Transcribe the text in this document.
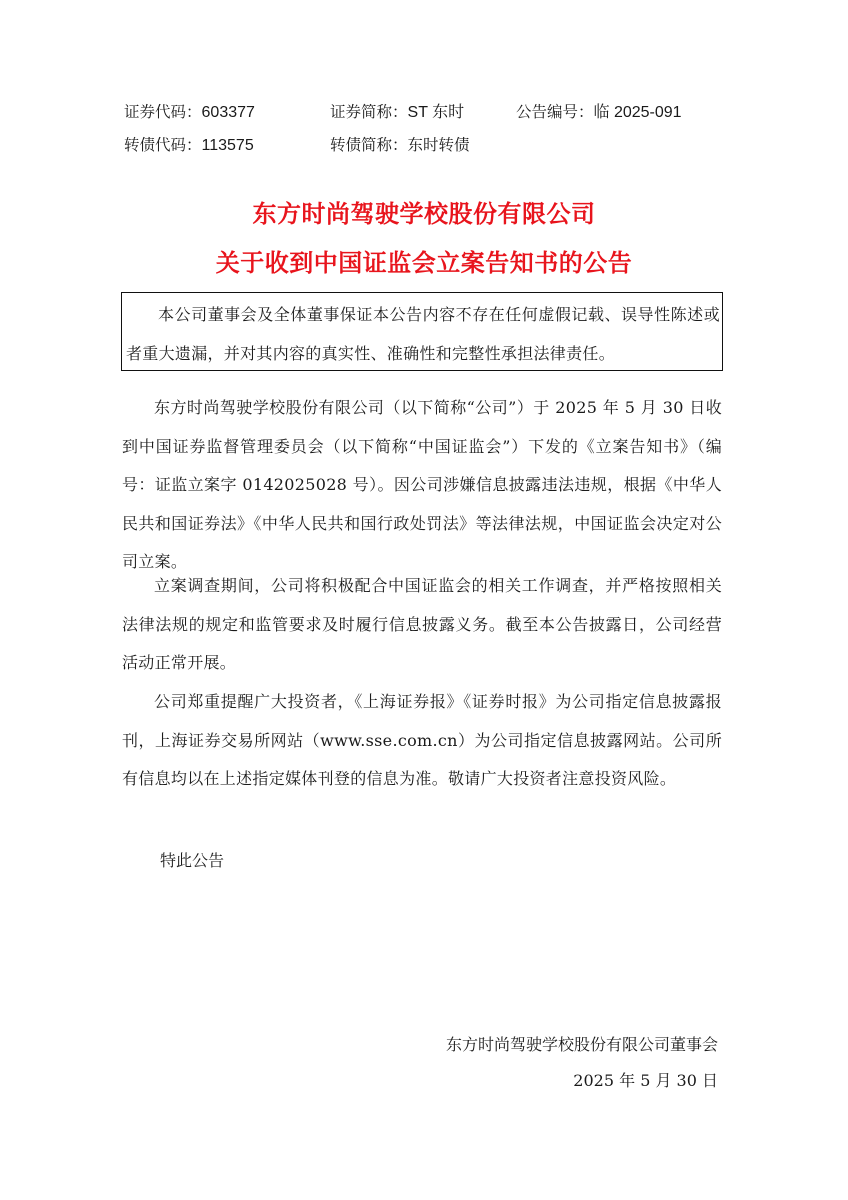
证券代码：603377	证券简称：ST 东时	公告编号：临 2025-091
转债代码：113575	转债简称：东时转债
东方时尚驾驶学校股份有限公司
关于收到中国证监会立案告知书的公告
本公司董事会及全体董事保证本公告内容不存在任何虚假记载、误导性陈述或者重大遗漏，并对其内容的真实性、准确性和完整性承担法律责任。
东方时尚驾驶学校股份有限公司（以下简称“公司”）于 2025 年 5 月 30 日收到中国证券监督管理委员会（以下简称“中国证监会”）下发的《立案告知书》（编号：证监立案字 0142025028 号）。因公司涉嫌信息披露违法违规，根据《中华人民共和国证券法》《中华人民共和国行政处罚法》等法律法规，中国证监会决定对公司立案。
立案调查期间，公司将积极配合中国证监会的相关工作调查，并严格按照相关法律法规的规定和监管要求及时履行信息披露义务。截至本公告披露日，公司经营活动正常开展。
公司郑重提醒广大投资者，《上海证券报》《证券时报》为公司指定信息披露报刊，上海证券交易所网站（www.sse.com.cn）为公司指定信息披露网站。公司所有信息均以在上述指定媒体刊登的信息为准。敬请广大投资者注意投资风险。
特此公告
东方时尚驾驶学校股份有限公司董事会
2025 年 5 月 30 日
